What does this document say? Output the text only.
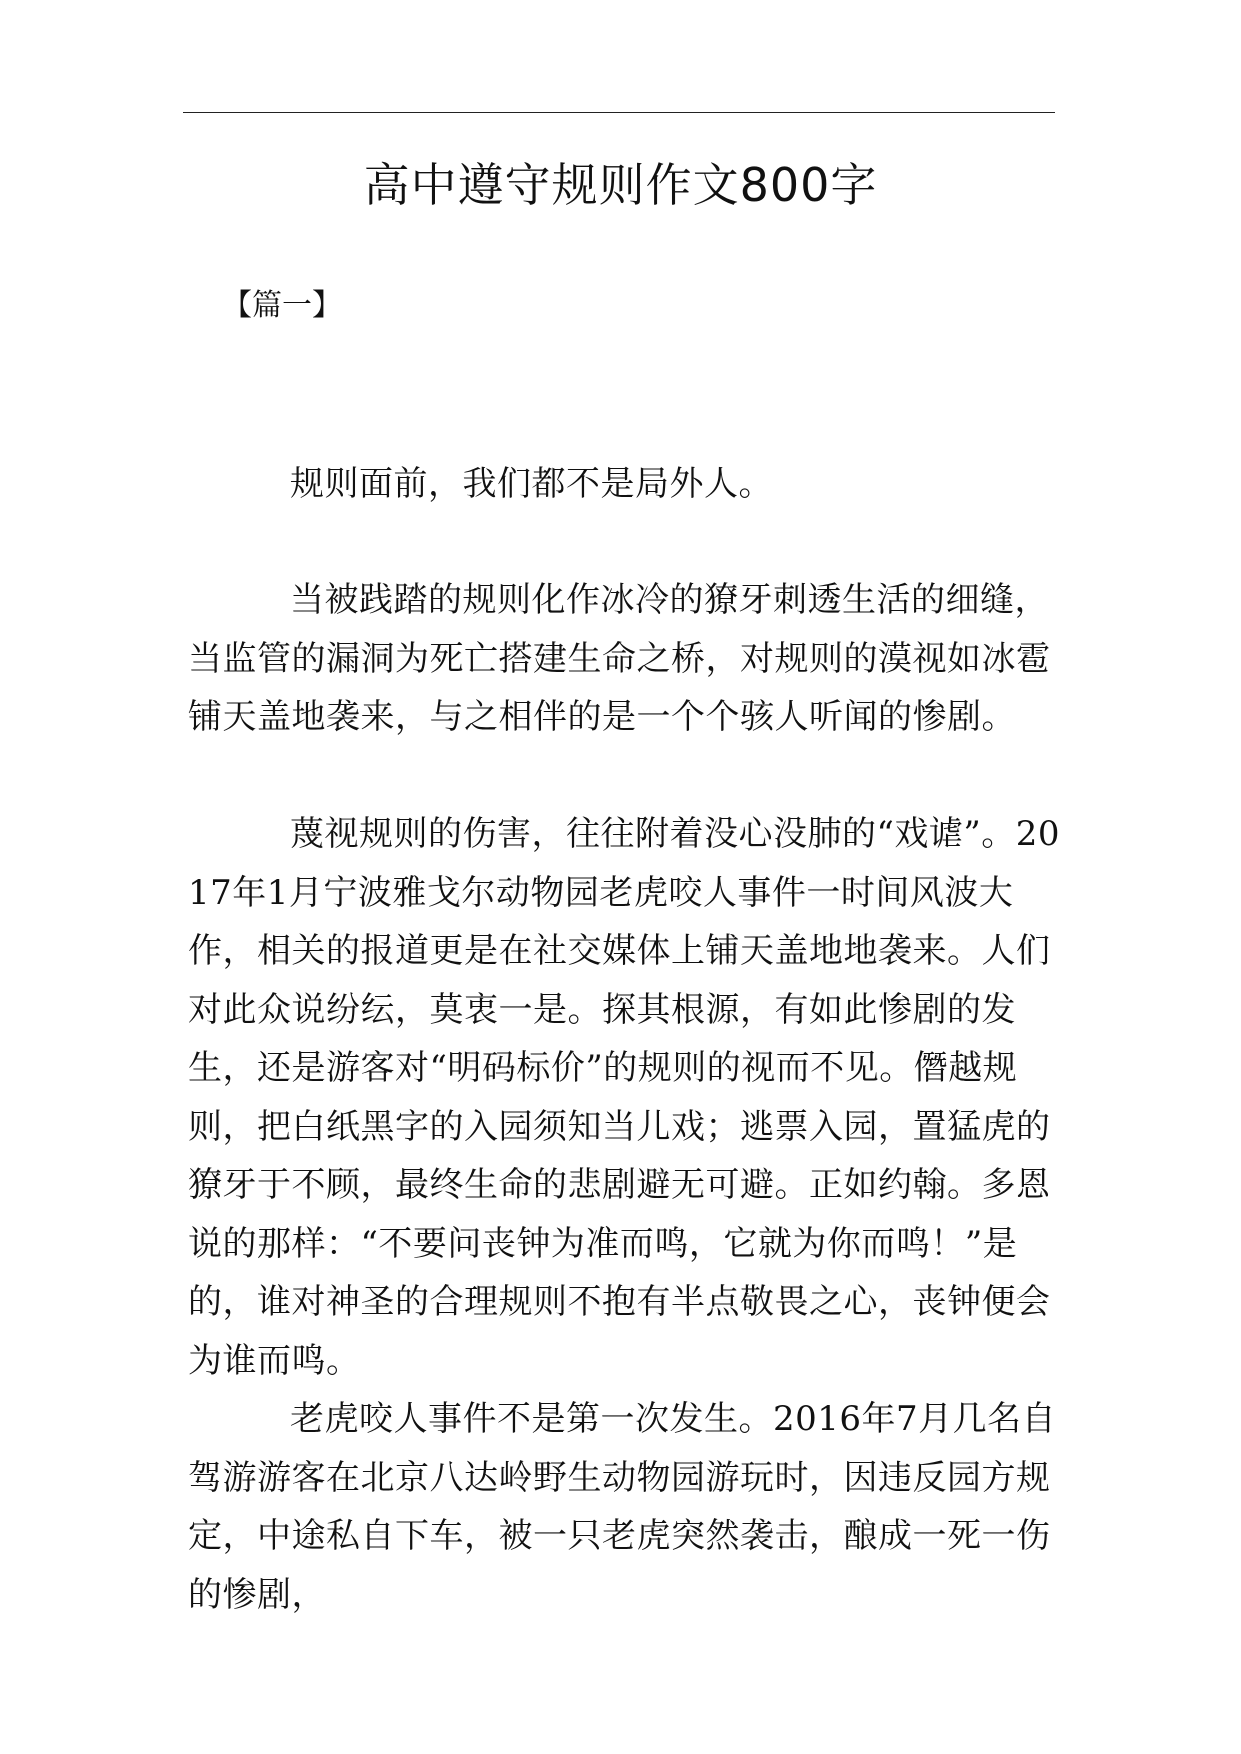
高中遵守规则作文800字
【篇一】

规则面前，我们都不是局外人。

当被践踏的规则化作冰冷的獠牙刺透生活的细缝，当监管的漏洞为死亡搭建生命之桥，对规则的漠视如冰雹铺天盖地袭来，与之相伴的是一个个骇人听闻的惨剧。

蔑视规则的伤害，往往附着没心没肺的“戏谑”。2017年1月宁波雅戈尔动物园老虎咬人事件一时间风波大作，相关的报道更是在社交媒体上铺天盖地地袭来。人们对此众说纷纭，莫衷一是。探其根源，有如此惨剧的发生，还是游客对“明码标价”的规则的视而不见。僭越规则，把白纸黑字的入园须知当儿戏；逃票入园，置猛虎的獠牙于不顾，最终生命的悲剧避无可避。正如约翰。多恩说的那样：“不要问丧钟为准而鸣，它就为你而鸣！”是的，谁对神圣的合理规则不抱有半点敬畏之心，丧钟便会为谁而鸣。

老虎咬人事件不是第一次发生。2016年7月几名自驾游游客在北京八达岭野生动物园游玩时，因违反园方规定，中途私自下车，被一只老虎突然袭击，酿成一死一伤的惨剧，
